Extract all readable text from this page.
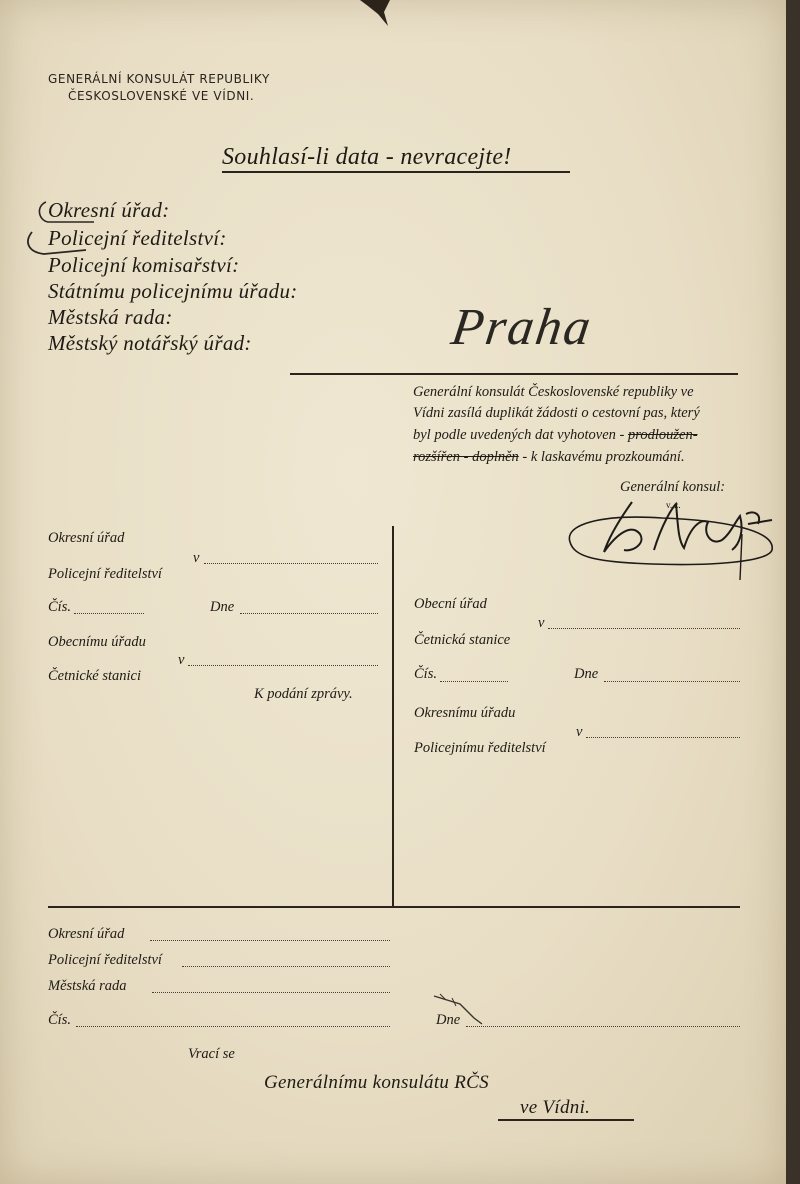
GENERÁLNÍ KONSULÁT REPUBLIKY
ČESKOSLOVENSKÉ VE VÍDNI.
Souhlasí-li data - nevracejte!
Okresní úřad:
Policejní ředitelství:
Policejní komisařství:
Státnímu policejnímu úřadu:
Městská rada:
Městský notářský úřad:	Praha
Generální konsulát Československé republiky ve
Vídni zasílá duplikát žádosti o cestovní pas, který
byl podle uvedených dat vyhotoven - prodloužen-
rozšířen - doplněn - k laskavému prozkoumání.
Generální konsul:
v. z.
Okresní úřad
v
Policejní ředitelství
Čís.	Dne
Obecnímu úřadu
v
Četnické stanici
K podání zprávy.
Obecní úřad
v
Četnická stanice
Čís.	Dne
Okresnímu úřadu
v
Policejnímu ředitelství
Okresní úřad
Policejní ředitelství
Městská rada
Čís.	Dne
Vrací se
Generálnímu konsulátu RČS
ve Vídni.
